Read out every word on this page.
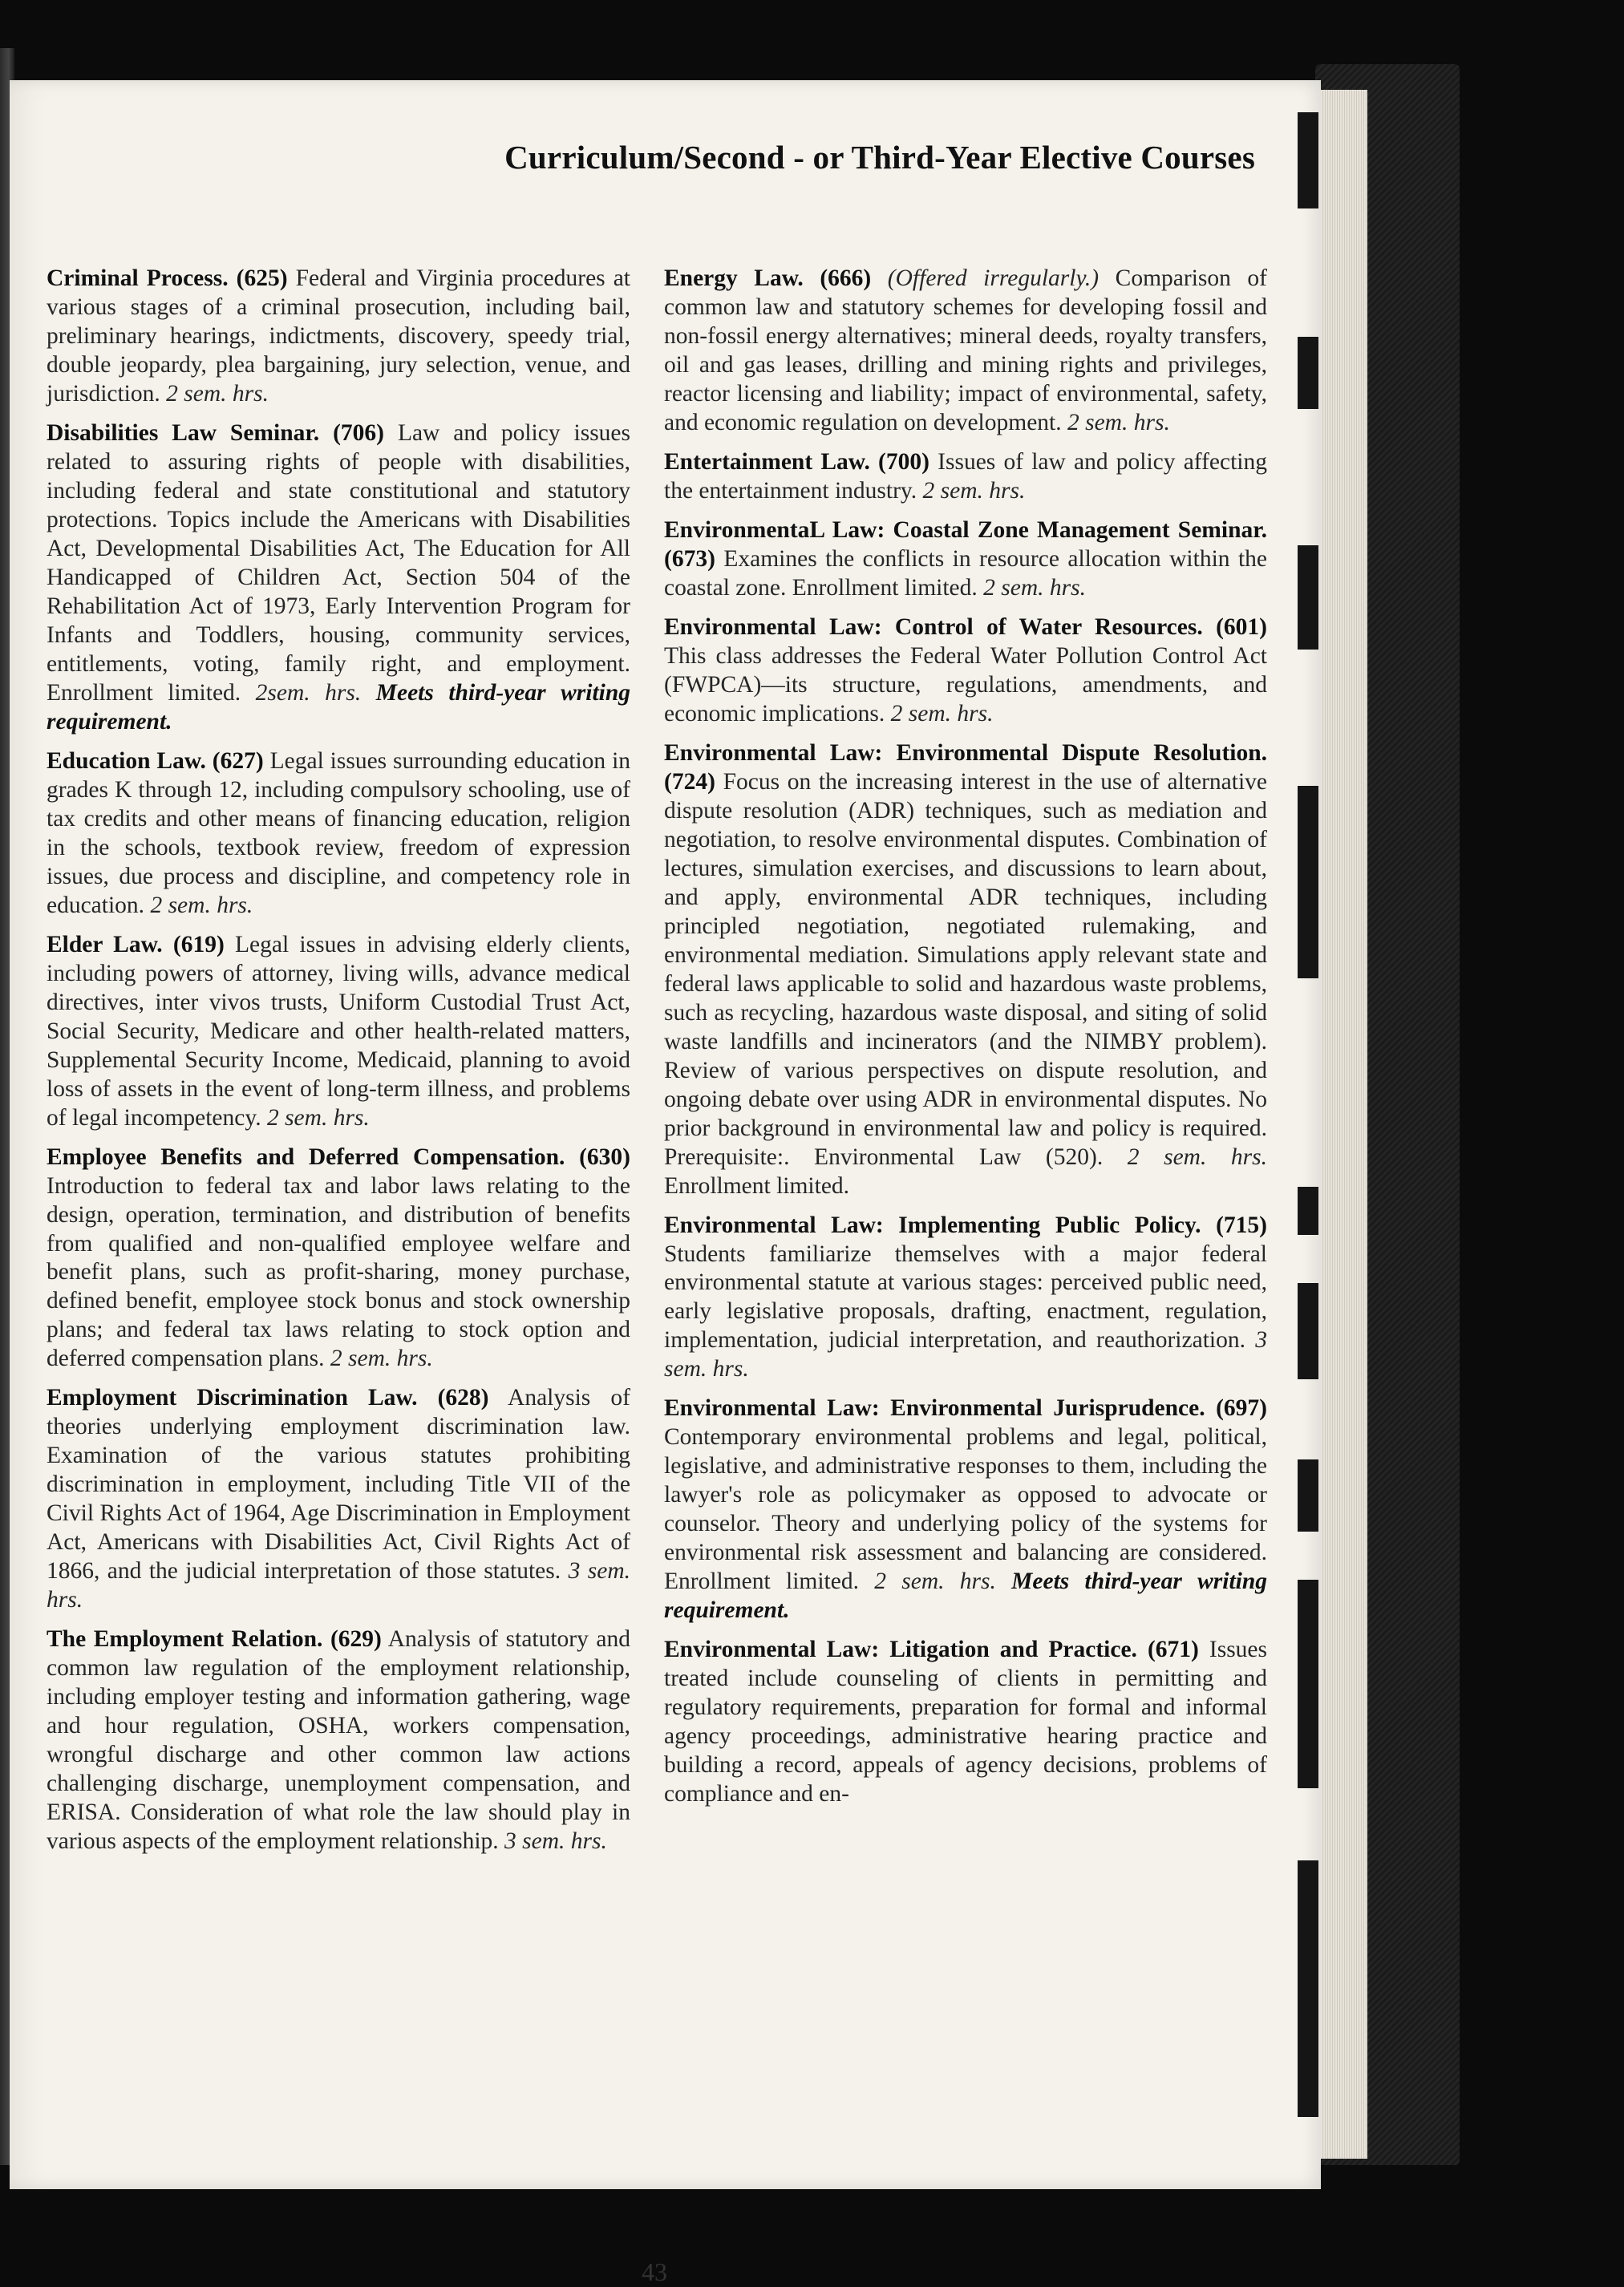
Curriculum/Second - or Third-Year Elective Courses

Criminal Process. (625) Federal and Virginia procedures at various stages of a criminal prosecution, including bail, preliminary hearings, indictments, discovery, speedy trial, double jeopardy, plea bargaining, jury selection, venue, and jurisdiction. 2 sem. hrs.

Disabilities Law Seminar. (706) Law and policy issues related to assuring rights of people with disabilities, including federal and state constitutional and statutory protections. Topics include the Americans with Disabilities Act, Developmental Disabilities Act, The Education for All Handicapped of Children Act, Section 504 of the Rehabilitation Act of 1973, Early Intervention Program for Infants and Toddlers, housing, community services, entitlements, voting, family right, and employment. Enrollment limited. 2sem. hrs. Meets third-year writing requirement.

Education Law. (627) Legal issues surrounding education in grades K through 12, including compulsory schooling, use of tax credits and other means of financing education, religion in the schools, textbook review, freedom of expression issues, due process and discipline, and competency role in education. 2 sem. hrs.

Elder Law. (619) Legal issues in advising elderly clients, including powers of attorney, living wills, advance medical directives, inter vivos trusts, Uniform Custodial Trust Act, Social Security, Medicare and other health-related matters, Supplemental Security Income, Medicaid, planning to avoid loss of assets in the event of long-term illness, and problems of legal incompetency. 2 sem. hrs.

Employee Benefits and Deferred Compensation. (630) Introduction to federal tax and labor laws relating to the design, operation, termination, and distribution of benefits from qualified and non-qualified employee welfare and benefit plans, such as profit-sharing, money purchase, defined benefit, employee stock bonus and stock ownership plans; and federal tax laws relating to stock option and deferred compensation plans. 2 sem. hrs.

Employment Discrimination Law. (628) Analysis of theories underlying employment discrimination law. Examination of the various statutes prohibiting discrimination in employment, including Title VII of the Civil Rights Act of 1964, Age Discrimination in Employment Act, Americans with Disabilities Act, Civil Rights Act of 1866, and the judicial interpretation of those statutes. 3 sem. hrs.

The Employment Relation. (629) Analysis of statutory and common law regulation of the employment relationship, including employer testing and information gathering, wage and hour regulation, OSHA, workers compensation, wrongful discharge and other common law actions challenging discharge, unemployment compensation, and ERISA. Consideration of what role the law should play in various aspects of the employment relationship. 3 sem. hrs.

Energy Law. (666) (Offered irregularly.) Comparison of common law and statutory schemes for developing fossil and non-fossil energy alternatives; mineral deeds, royalty transfers, oil and gas leases, drilling and mining rights and privileges, reactor licensing and liability; impact of environmental, safety, and economic regulation on development. 2 sem. hrs.

Entertainment Law. (700) Issues of law and policy affecting the entertainment industry. 2 sem. hrs.

EnvironmentaL Law: Coastal Zone Management Seminar. (673) Examines the conflicts in resource allocation within the coastal zone. Enrollment limited. 2 sem. hrs.

Environmental Law: Control of Water Resources. (601) This class addresses the Federal Water Pollution Control Act (FWPCA)—its structure, regulations, amendments, and economic implications. 2 sem. hrs.

Environmental Law: Environmental Dispute Resolution. (724) Focus on the increasing interest in the use of alternative dispute resolution (ADR) techniques, such as mediation and negotiation, to resolve environmental disputes. Combination of lectures, simulation exercises, and discussions to learn about, and apply, environmental ADR techniques, including principled negotiation, negotiated rulemaking, and environmental mediation. Simulations apply relevant state and federal laws applicable to solid and hazardous waste problems, such as recycling, hazardous waste disposal, and siting of solid waste landfills and incinerators (and the NIMBY problem). Review of various perspectives on dispute resolution, and ongoing debate over using ADR in environmental disputes. No prior background in environmental law and policy is required. Prerequisite:. Environmental Law (520). 2 sem. hrs. Enrollment limited.

Environmental Law: Implementing Public Policy. (715) Students familiarize themselves with a major federal environmental statute at various stages: perceived public need, early legislative proposals, drafting, enactment, regulation, implementation, judicial interpretation, and reauthorization. 3 sem. hrs.

Environmental Law: Environmental Jurisprudence. (697) Contemporary environmental problems and legal, political, legislative, and administrative responses to them, including the lawyer's role as policymaker as opposed to advocate or counselor. Theory and underlying policy of the systems for environmental risk assessment and balancing are considered. Enrollment limited. 2 sem. hrs. Meets third-year writing requirement.

Environmental Law: Litigation and Practice. (671) Issues treated include counseling of clients in permitting and regulatory requirements, preparation for formal and informal agency proceedings, administrative hearing practice and building a record, appeals of agency decisions, problems of compliance and en-

43
